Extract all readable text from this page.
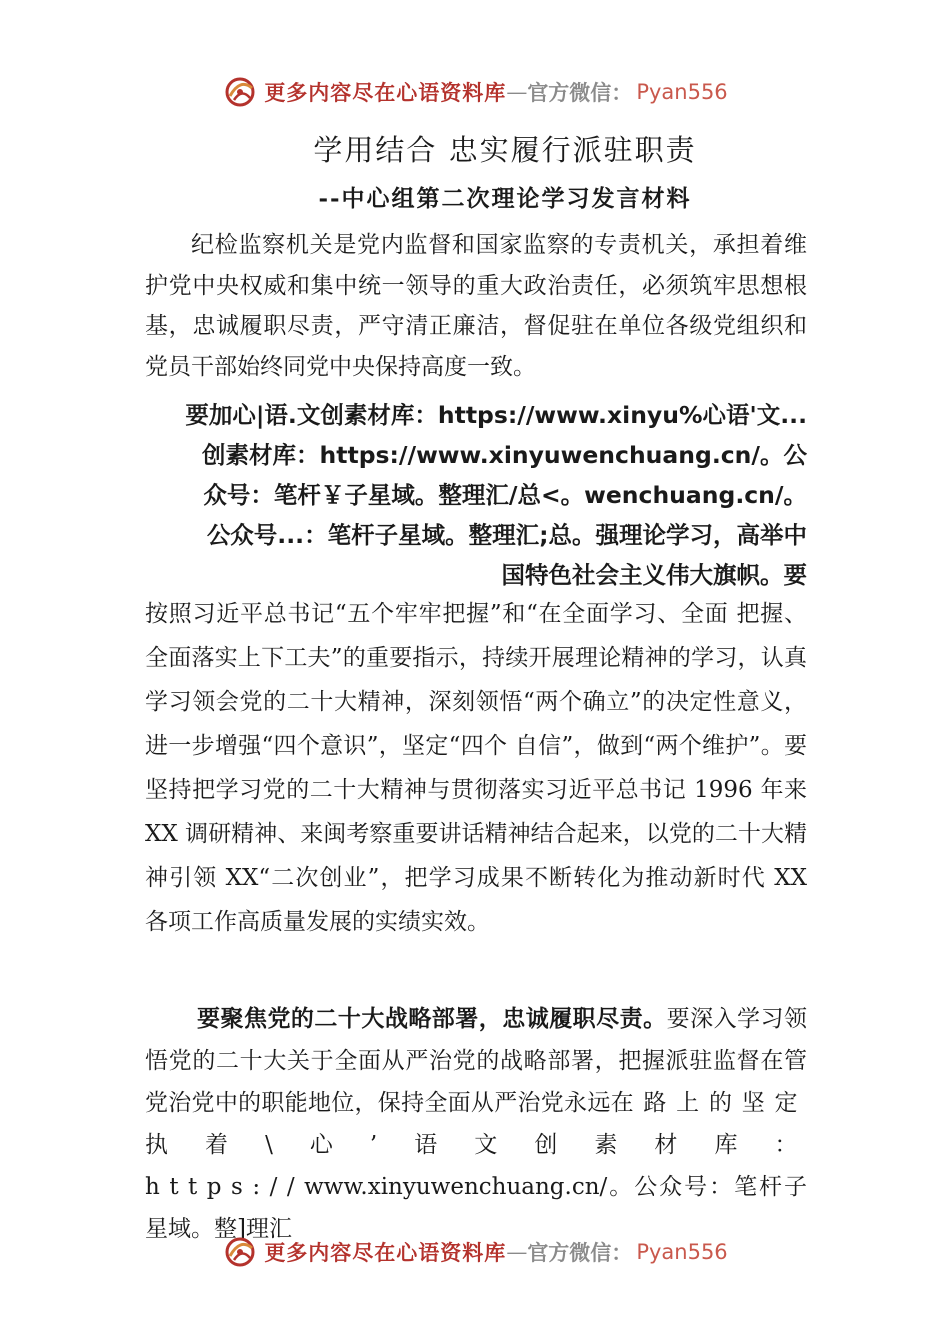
更多内容尽在心语资料库 — 官方微信： Pyan556
学用结合 忠实履行派驻职责
--中心组第二次理论学习发言材料

纪检监察机关是党内监督和国家监察的专责机关，承担着维护党中央权威和集中统一领导的重大政治责任，必须筑牢思想根基，忠诚履职尽责，严守清正廉洁，督促驻在单位各级党组织和党员干部始终同党中央保持高度一致。

要加心|语.文创素材库：https://www.xinyu%心语'文...
创素材库：https://www.xinyuwenchuang.cn/。公
众号：笔杆￥子星域。整理汇/总<。wenchuang.cn/。
公众号...：笔杆子星域。整理汇;总。强理论学习，高举中
国特色社会主义伟大旗帜。要

按照习近平总书记“五个牢牢把握”和“在全面学习、全面 把握、全面落实上下工夫”的重要指示，持续开展理论精神的学习，认真学习领会党的二十大精神，深刻领悟“两个确立”的决定性意义，进一步增强“四个意识”，坚定“四个 自信”，做到“两个维护”。要坚持把学习党的二十大精神与贯彻落实习近平总书记 1996 年来XX 调研精神、来闽考察重要讲话精神结合起来，以党的二十大精神引领 XX“二次创业”，把学习成果不断转化为推动新时代 XX 各项工作高质量发展的实绩实效。

要聚焦党的二十大战略部署，忠诚履职尽责。要深入学习领悟党的二十大关于全面从严治党的战略部署，把握派驻监督在管党治党中的职能地位，保持全面从严治党永远在路上的坚定执着\心’语文创素材库：https://www.xinyuwenchuang.cn/。公众号：笔杆子星域。整]理汇

更多内容尽在心语资料库 — 官方微信： Pyan556
